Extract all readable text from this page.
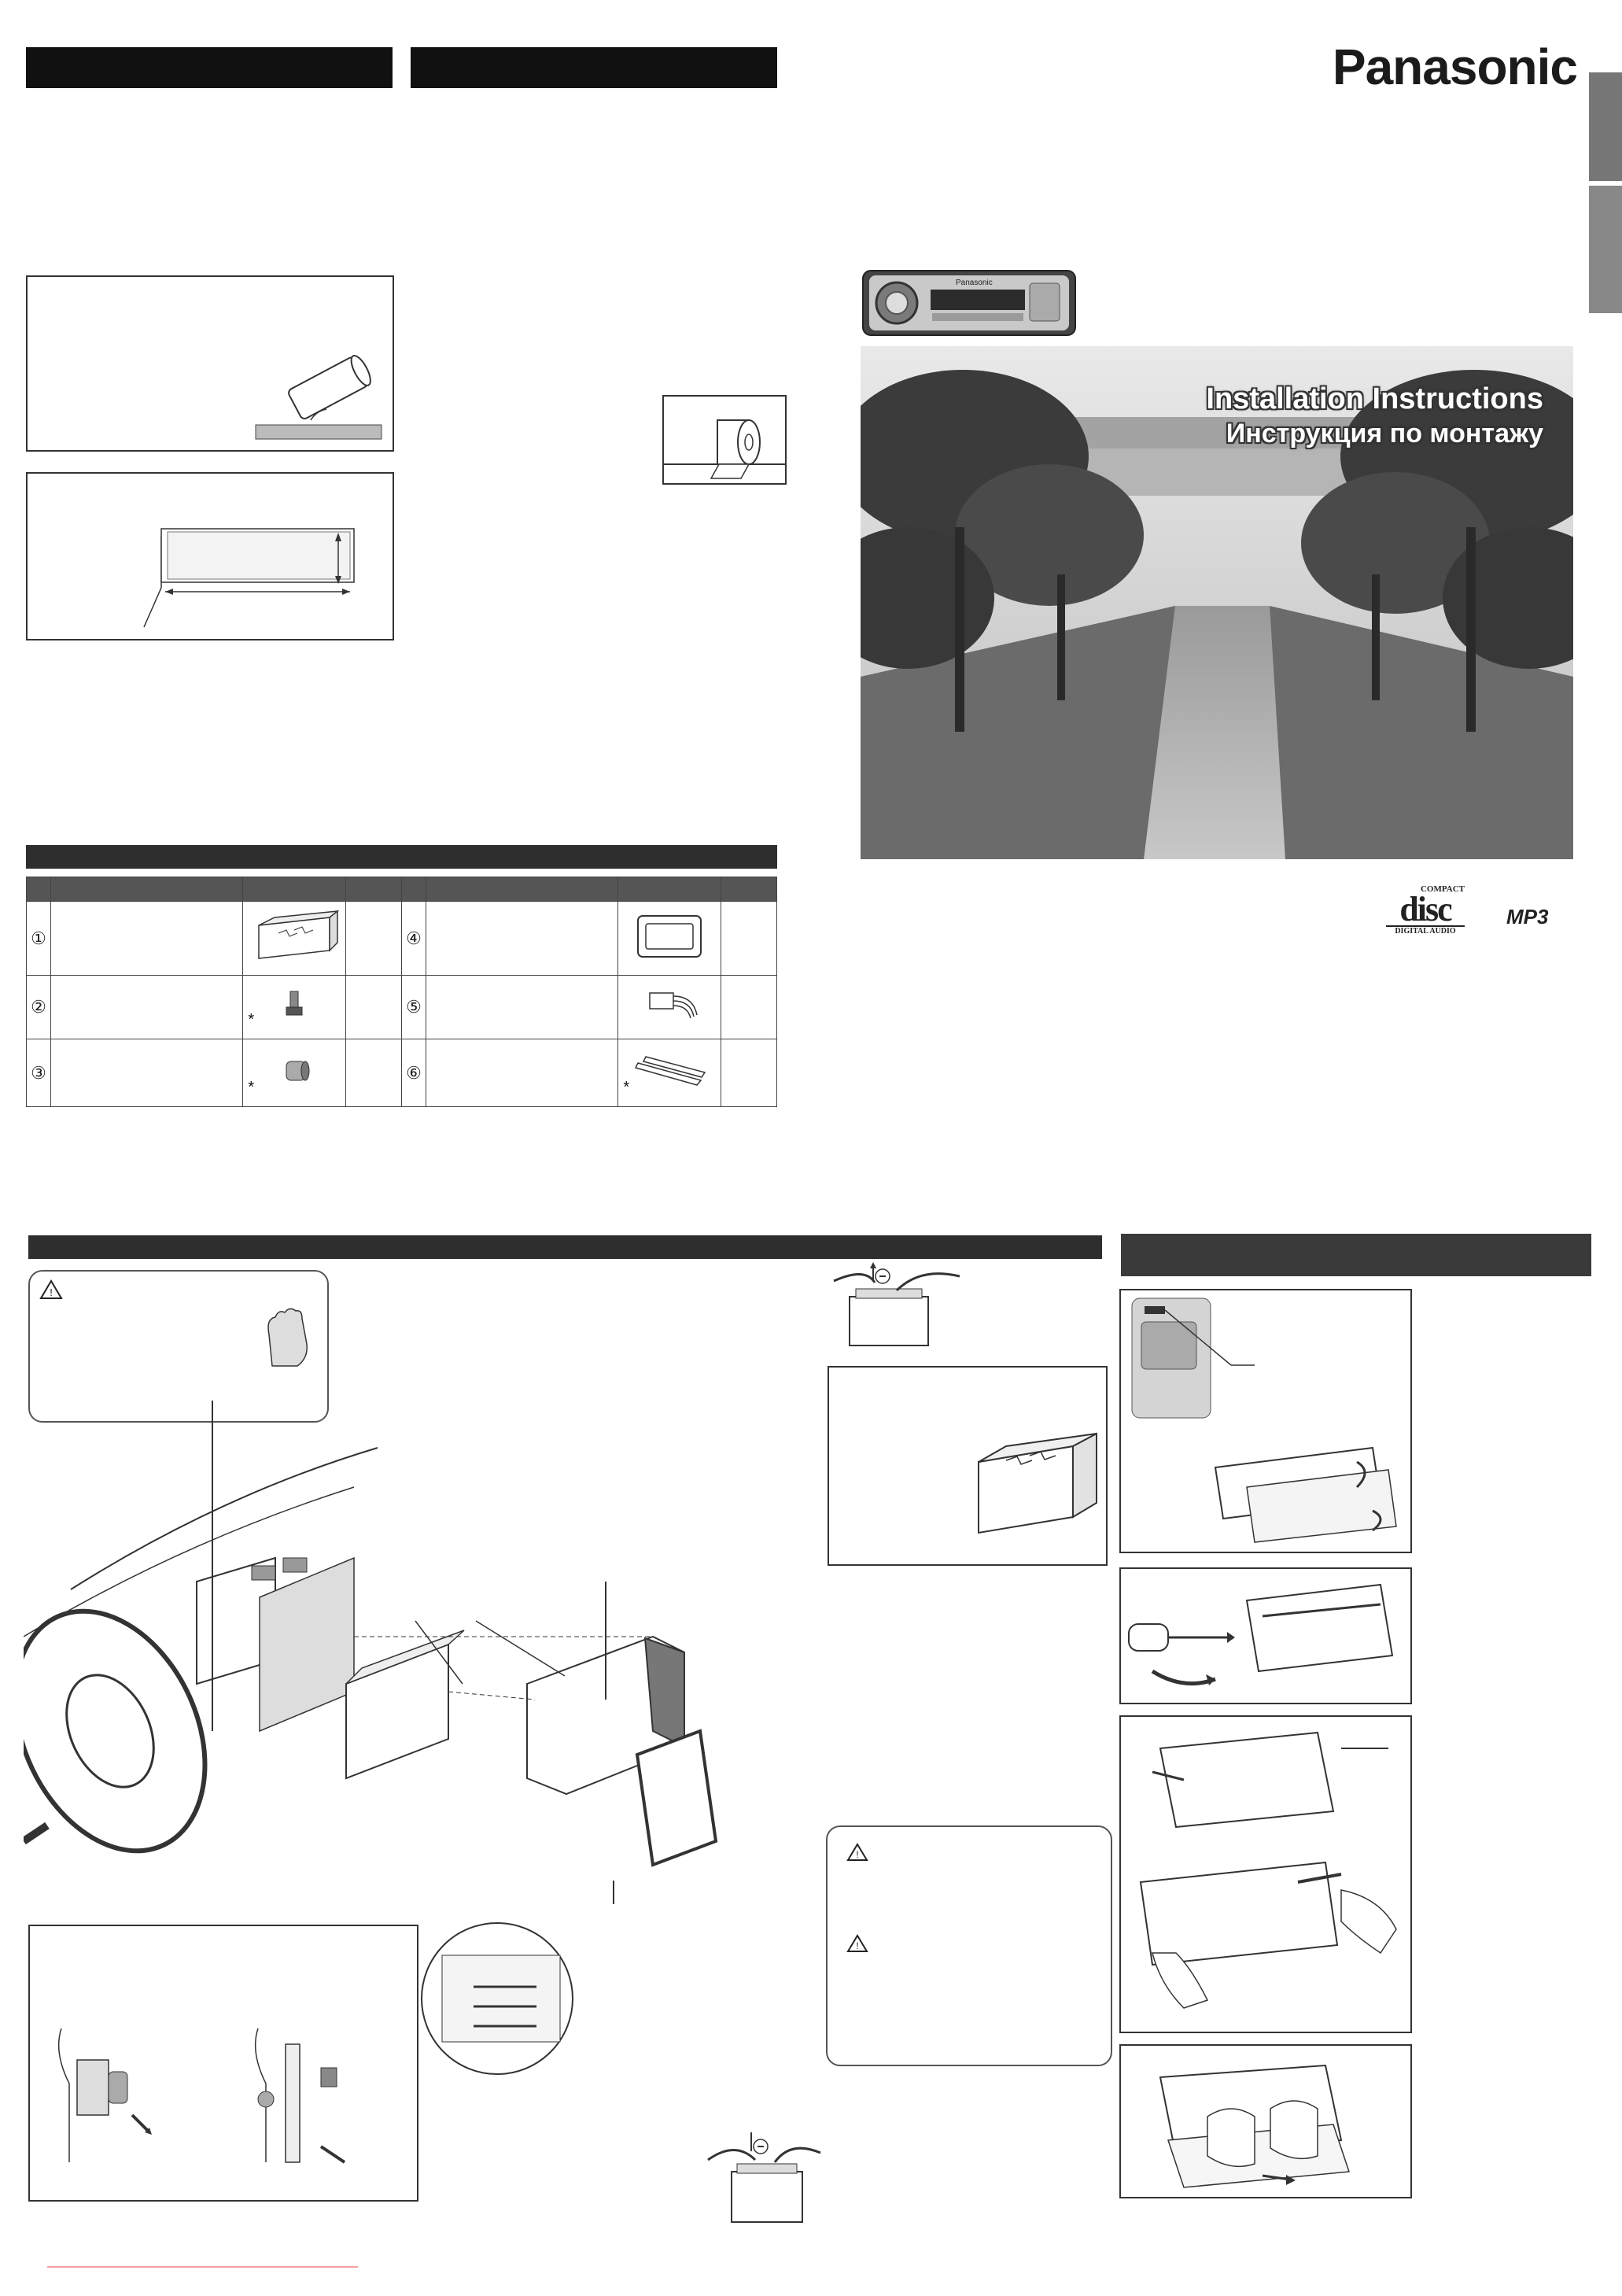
Panasonic
Panasonic
Installation Instructions
Инструкция по монтажу

①				④			
②		*		⑤			
③		*		⑥		*	

COMPACT
disc
DIGITAL AUDIO
MP3
!
!
!
